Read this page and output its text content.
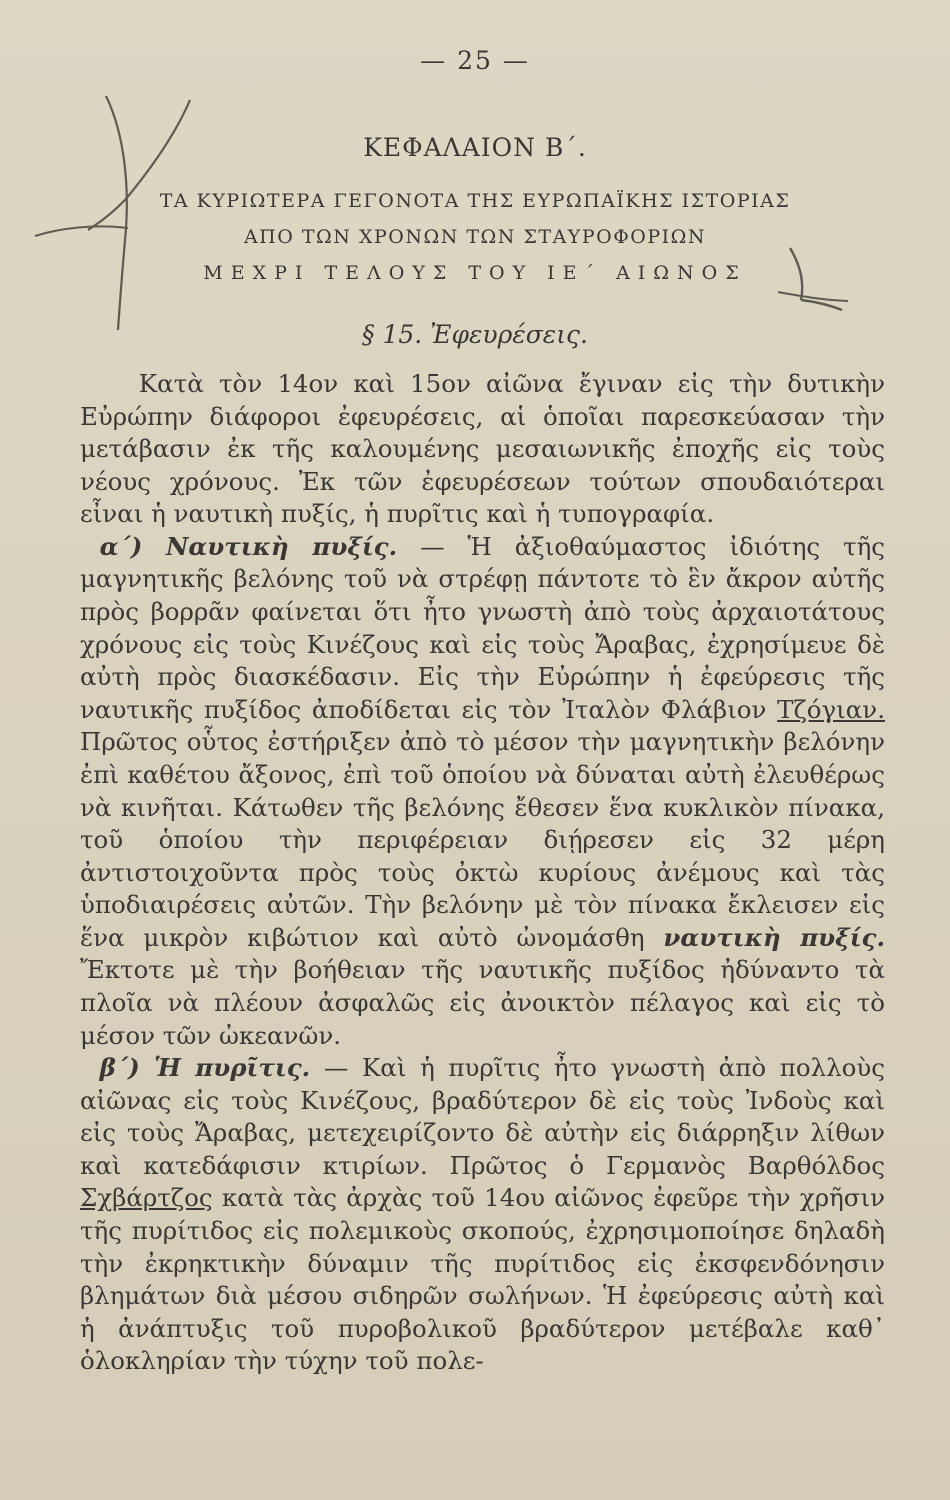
— 25 —
ΚΕΦΑΛΑΙΟΝ Β΄.
ΤΑ ΚΥΡΙΩΤΕΡΑ ΓΕΓΟΝΟΤΑ ΤΗΣ ΕΥΡΩΠΑΪΚΗΣ ΙΣΤΟΡΙΑΣ
ΑΠΟ ΤΩΝ ΧΡΟΝΩΝ ΤΩΝ ΣΤΑΥΡΟΦΟΡΙΩΝ
ΜΕΧΡΙ ΤΕΛΟΥΣ ΤΟΥ ΙΕ΄ ΑΙΩΝΟΣ
§ 15. Ἐφευρέσεις.

Κατὰ τὸν 14ον καὶ 15ον αἰῶνα ἔγιναν εἰς τὴν δυτικὴν Εὐρώπην διάφοροι ἐφευρέσεις, αἱ ὁποῖαι παρεσκεύασαν τὴν μετάβασιν ἐκ τῆς καλουμένης μεσαιωνικῆς ἐποχῆς εἰς τοὺς νέους χρόνους. Ἐκ τῶν ἐφευρέσεων τούτων σπουδαιότεραι εἶναι ἡ ναυτικὴ πυξίς, ἡ πυρῖτις καὶ ἡ τυπογραφία.

α΄) Ναυτικὴ πυξίς. — Ἡ ἀξιοθαύμαστος ἰδιότης τῆς μαγνητικῆς βελόνης τοῦ νὰ στρέφῃ πάντοτε τὸ ἓν ἄκρον αὐτῆς πρὸς βορρᾶν φαίνεται ὅτι ἦτο γνωστὴ ἀπὸ τοὺς ἀρχαιοτάτους χρόνους εἰς τοὺς Κινέζους καὶ εἰς τοὺς Ἄραβας, ἐχρησίμευε δὲ αὐτὴ πρὸς διασκέδασιν. Εἰς τὴν Εὐρώπην ἡ ἐφεύρεσις τῆς ναυτικῆς πυξίδος ἀποδίδεται εἰς τὸν Ἰταλὸν Φλάβιον Τζόγιαν. Πρῶτος οὗτος ἐστήριξεν ἀπὸ τὸ μέσον τὴν μαγνητικὴν βελόνην ἐπὶ καθέτου ἄξονος, ἐπὶ τοῦ ὁποίου νὰ δύναται αὐτὴ ἐλευθέρως νὰ κινῆται. Κάτωθεν τῆς βελόνης ἔθεσεν ἕνα κυκλικὸν πίνακα, τοῦ ὁποίου τὴν περιφέρειαν διῄρεσεν εἰς 32 μέρη ἀντιστοιχοῦντα πρὸς τοὺς ὀκτὼ κυρίους ἀνέμους καὶ τὰς ὑποδιαιρέσεις αὐτῶν. Τὴν βελόνην μὲ τὸν πίνακα ἔκλεισεν εἰς ἕνα μικρὸν κιβώτιον καὶ αὐτὸ ὠνομάσθη ναυτικὴ πυξίς. Ἔκτοτε μὲ τὴν βοήθειαν τῆς ναυτικῆς πυξίδος ἠδύναντο τὰ πλοῖα νὰ πλέουν ἀσφαλῶς εἰς ἀνοικτὸν πέλαγος καὶ εἰς τὸ μέσον τῶν ὠκεανῶν.

β΄) Ἡ πυρῖτις. — Καὶ ἡ πυρῖτις ἦτο γνωστὴ ἀπὸ πολλοὺς αἰῶνας εἰς τοὺς Κινέζους, βραδύτερον δὲ εἰς τοὺς Ἰνδοὺς καὶ εἰς τοὺς Ἄραβας, μετεχειρίζοντο δὲ αὐτὴν εἰς διάρρηξιν λίθων καὶ κατεδάφισιν κτιρίων. Πρῶτος ὁ Γερμανὸς Βαρθόλδος Σχβάρτζος κατὰ τὰς ἀρχὰς τοῦ 14ου αἰῶνος ἐφεῦρε τὴν χρῆσιν τῆς πυρίτιδος εἰς πολεμικοὺς σκοπούς, ἐχρησιμοποίησε δηλαδὴ τὴν ἐκρηκτικὴν δύναμιν τῆς πυρίτιδος εἰς ἐκσφενδόνησιν βλημάτων διὰ μέσου σιδηρῶν σωλήνων. Ἡ ἐφεύρεσις αὐτὴ καὶ ἡ ἀνάπτυξις τοῦ πυροβολικοῦ βραδύτερον μετέβαλε καθ᾽ ὁλοκληρίαν τὴν τύχην τοῦ πολε-
